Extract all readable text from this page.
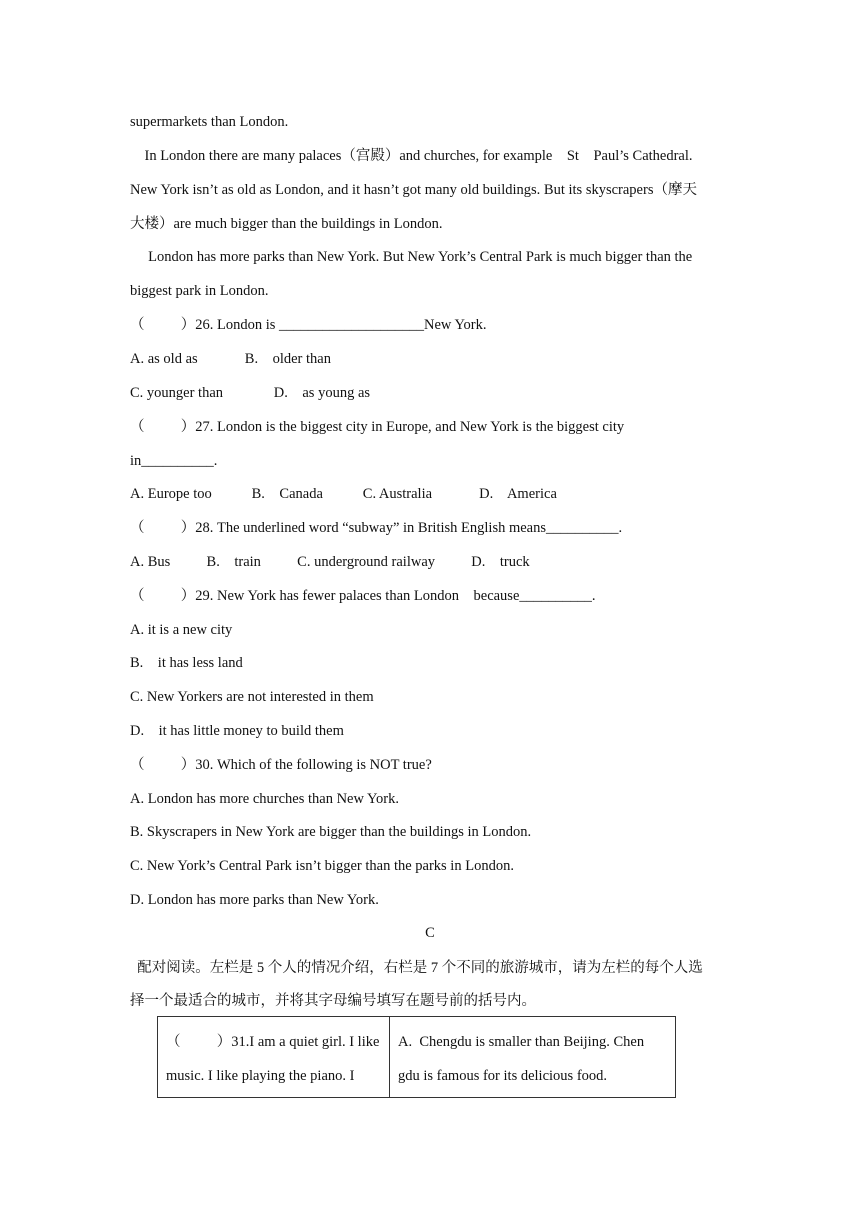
supermarkets than London.
In London there are many palaces（宫殿）and churches, for example    St    Paul’s Cathedral.
New York isn’t as old as London, and it hasn’t got many old buildings. But its skyscrapers（摩天
大楼）are much bigger than the buildings in London.
London has more parks than New York. But New York’s Central Park is much bigger than the
biggest park in London.
（          ）26. London is ____________________New York.
A. as old as             B.    older than
C. younger than              D.    as young as
（          ）27. London is the biggest city in Europe, and New York is the biggest city
in__________.
A. Europe too           B.    Canada           C. Australia             D.    America
（          ）28. The underlined word “subway” in British English means__________.
A. Bus          B.    train          C. underground railway          D.    truck
（          ）29. New York has fewer palaces than London    because__________.
A. it is a new city
B.    it has less land
C. New Yorkers are not interested in them
D.    it has little money to build them
（          ）30. Which of the following is NOT true?
A. London has more churches than New York.
B. Skyscrapers in New York are bigger than the buildings in London.
C. New York’s Central Park isn’t bigger than the parks in London.
D. London has more parks than New York.
C
配对阅读。左栏是 5 个人的情况介绍，右栏是 7 个不同的旅游城市，请为左栏的每个人选
择一个最适合的城市，并将其字母编号填写在题号前的括号内。
（          ）31.I am a quiet girl. I like
music. I like playing the piano. I

A.  Chengdu is smaller than Beijing. Chen
gdu is famous for its delicious food.
